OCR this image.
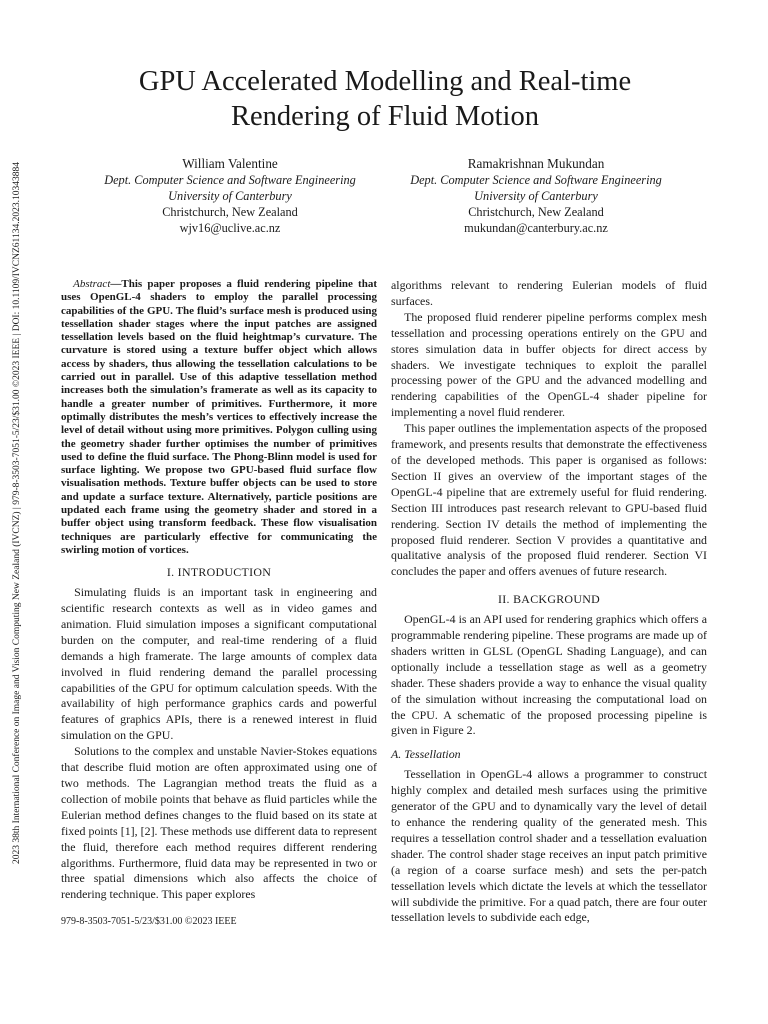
2023 38th International Conference on Image and Vision Computing New Zealand (IVCNZ) | 979-8-3503-7051-5/23/$31.00 ©2023 IEEE | DOI: 10.1109/IVCNZ61134.2023.10343884
GPU Accelerated Modelling and Real-time
Rendering of Fluid Motion
William Valentine
Dept. Computer Science and Software Engineering
University of Canterbury
Christchurch, New Zealand
wjv16@uclive.ac.nz
Ramakrishnan Mukundan
Dept. Computer Science and Software Engineering
University of Canterbury
Christchurch, New Zealand
mukundan@canterbury.ac.nz

Abstract—This paper proposes a fluid rendering pipeline that uses OpenGL-4 shaders to employ the parallel processing capabilities of the GPU. The fluid’s surface mesh is produced using tessellation shader stages where the input patches are assigned tessellation levels based on the fluid heightmap’s curvature. The curvature is stored using a texture buffer object which allows access by shaders, thus allowing the tessellation calculations to be carried out in parallel. Use of this adaptive tessellation method increases both the simulation’s framerate as well as its capacity to handle a greater number of primitives. Furthermore, it more optimally distributes the mesh’s vertices to effectively increase the level of detail without using more primitives. Polygon culling using the geometry shader further optimises the number of primitives used to define the fluid surface. The Phong-Blinn model is used for surface lighting. We propose two GPU-based fluid surface flow visualisation methods. Texture buffer objects can be used to store and update a surface texture. Alternatively, particle positions are updated each frame using the geometry shader and stored in a buffer object using transform feedback. These flow visualisation techniques are particularly effective for communicating the swirling motion of vortices.

I. INTRODUCTION

Simulating fluids is an important task in engineering and scientific research contexts as well as in video games and animation. Fluid simulation imposes a significant computational burden on the computer, and real-time rendering of a fluid demands a high framerate. The large amounts of complex data involved in fluid rendering demand the parallel processing capabilities of the GPU for optimum calculation speeds. With the availability of high performance graphics cards and powerful features of graphics APIs, there is a renewed interest in fluid simulation on the GPU.

Solutions to the complex and unstable Navier-Stokes equations that describe fluid motion are often approximated using one of two methods. The Lagrangian method treats the fluid as a collection of mobile points that behave as fluid particles while the Eulerian method defines changes to the fluid based on its state at fixed points [1], [2]. These methods use different data to represent the fluid, therefore each method requires different rendering algorithms. Furthermore, fluid data may be represented in two or three spatial dimensions which also affects the choice of rendering technique. This paper explores

algorithms relevant to rendering Eulerian models of fluid surfaces.

The proposed fluid renderer pipeline performs complex mesh tessellation and processing operations entirely on the GPU and stores simulation data in buffer objects for direct access by shaders. We investigate techniques to exploit the parallel processing power of the GPU and the advanced modelling and rendering capabilities of the OpenGL-4 shader pipeline for implementing a novel fluid renderer.

This paper outlines the implementation aspects of the proposed framework, and presents results that demonstrate the effectiveness of the developed methods. This paper is organised as follows: Section II gives an overview of the important stages of the OpenGL-4 pipeline that are extremely useful for fluid rendering. Section III introduces past research relevant to GPU-based fluid rendering. Section IV details the method of implementing the proposed fluid renderer. Section V provides a quantitative and qualitative analysis of the proposed fluid renderer. Section VI concludes the paper and offers avenues of future research.

II. BACKGROUND

OpenGL-4 is an API used for rendering graphics which offers a programmable rendering pipeline. These programs are made up of shaders written in GLSL (OpenGL Shading Language), and can optionally include a tessellation stage as well as a geometry shader. These shaders provide a way to enhance the visual quality of the simulation without increasing the computational load on the CPU. A schematic of the proposed processing pipeline is given in Figure 2.

A. Tessellation

Tessellation in OpenGL-4 allows a programmer to construct highly complex and detailed mesh surfaces using the primitive generator of the GPU and to dynamically vary the level of detail to enhance the rendering quality of the generated mesh. This requires a tessellation control shader and a tessellation evaluation shader. The control shader stage receives an input patch primitive (a region of a coarse surface mesh) and sets the per-patch tessellation levels which dictate the levels at which the tessellator will subdivide the primitive. For a quad patch, there are four outer tessellation levels to subdivide each edge,

979-8-3503-7051-5/23/$31.00 ©2023 IEEE
